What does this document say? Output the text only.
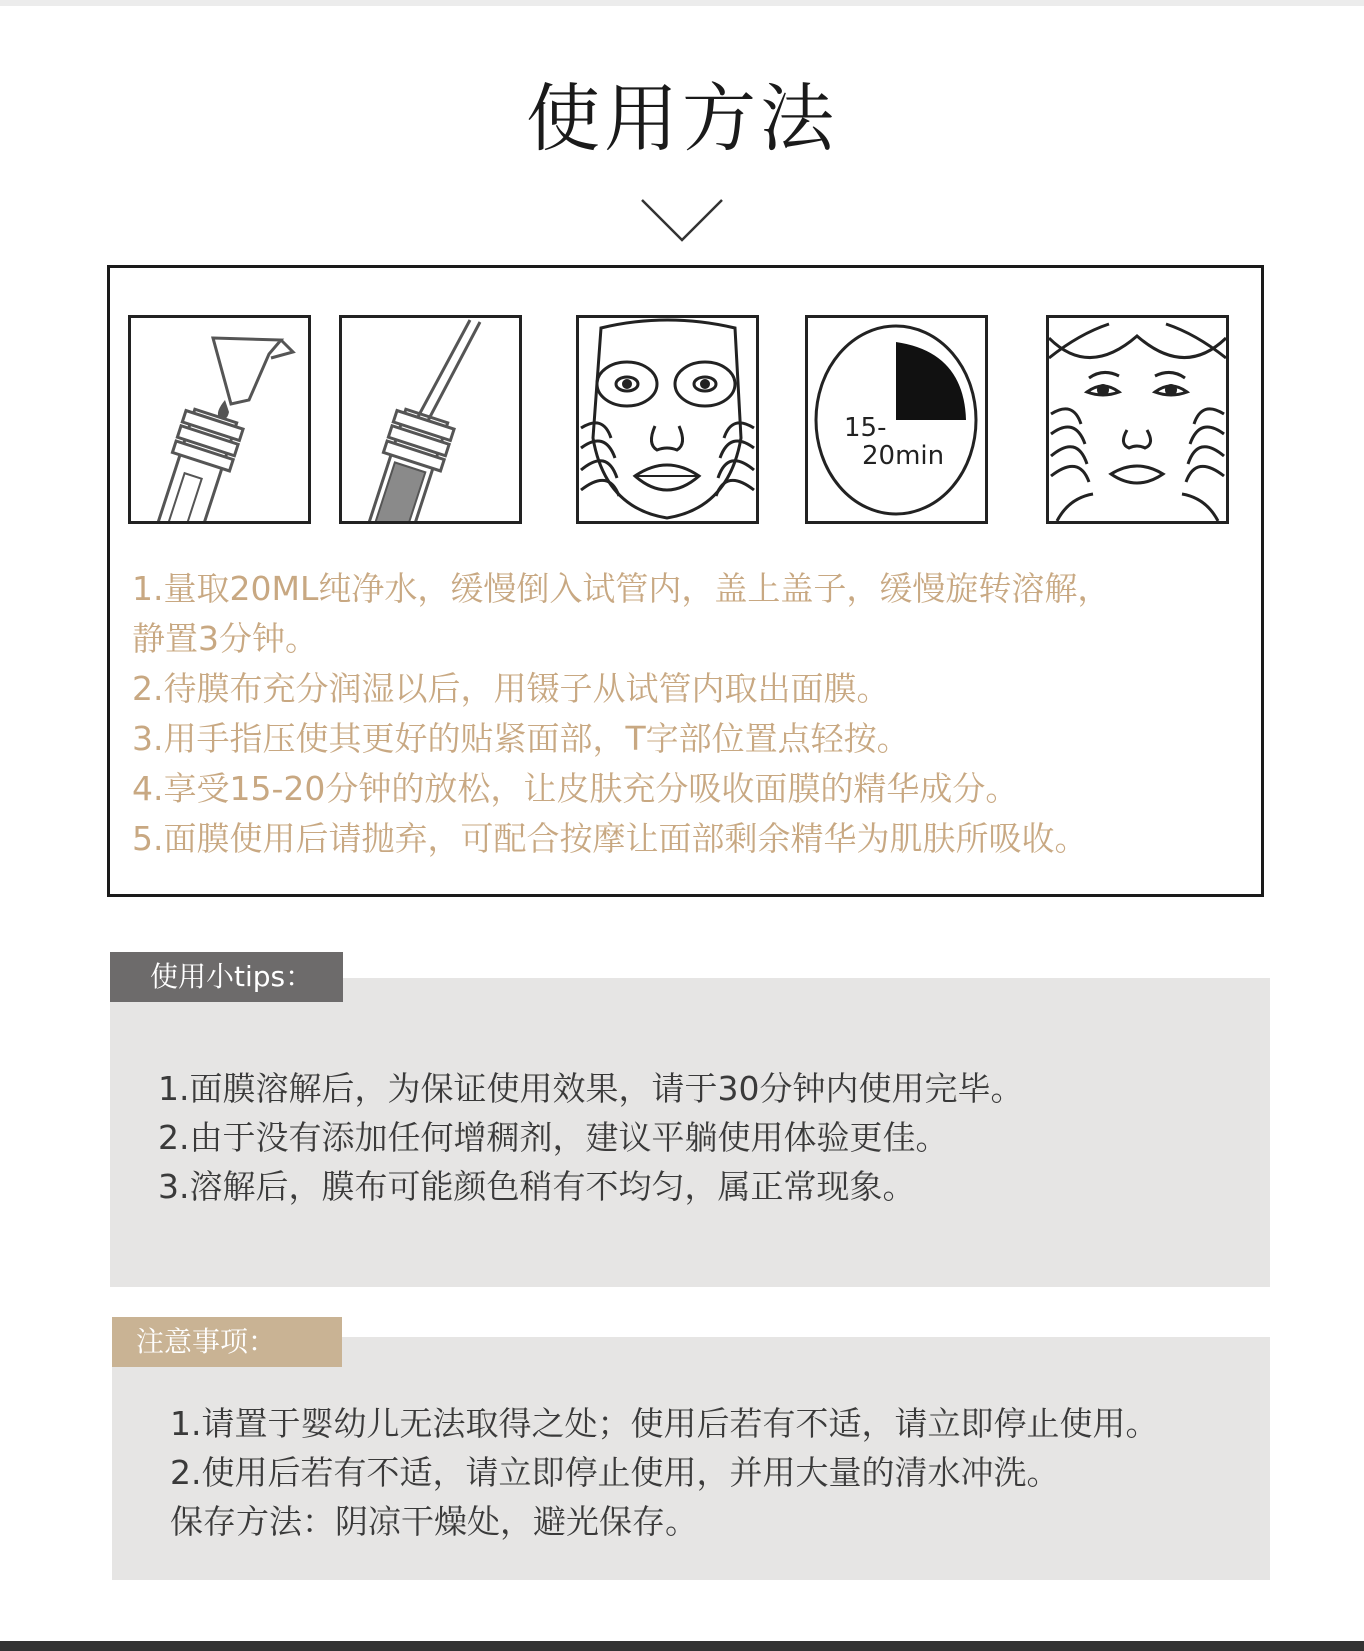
使用方法
15-
20min
1.量取20ML纯净水，缓慢倒入试管内，盖上盖子，缓慢旋转溶解，
静置3分钟。
2.待膜布充分润湿以后，用镊子从试管内取出面膜。
3.用手指压使其更好的贴紧面部，T字部位置点轻按。
4.享受15-20分钟的放松，让皮肤充分吸收面膜的精华成分。
5.面膜使用后请抛弃，可配合按摩让面部剩余精华为肌肤所吸收。
1.面膜溶解后，为保证使用效果，请于30分钟内使用完毕。
2.由于没有添加任何增稠剂，建议平躺使用体验更佳。
3.溶解后，膜布可能颜色稍有不均匀，属正常现象。
使用小tips：
1.请置于婴幼儿无法取得之处；使用后若有不适，请立即停止使用。
2.使用后若有不适，请立即停止使用，并用大量的清水冲洗。
保存方法：阴凉干燥处，避光保存。
注意事项：
